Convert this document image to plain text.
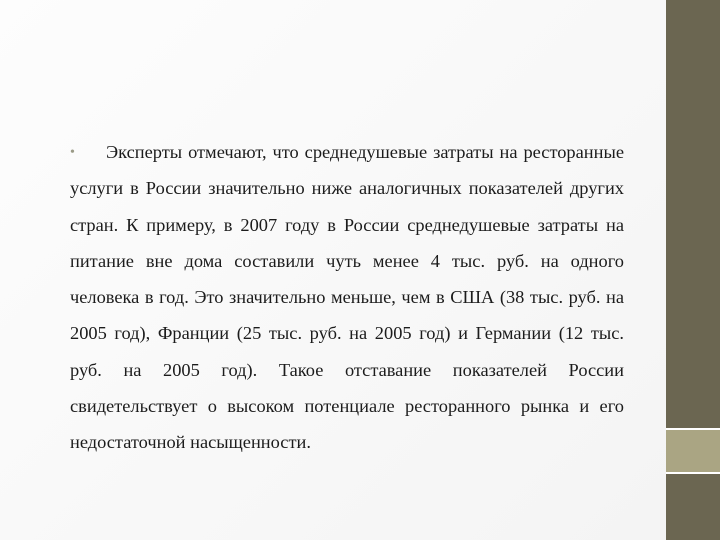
•	Эксперты отмечают, что среднедушевые затраты на ресторанные услуги в России значительно ниже аналогичных показателей других стран. К примеру, в 2007 году в России среднедушевые затраты на питание вне дома составили чуть менее 4 тыс. руб. на одного человека в год. Это значительно меньше, чем в США (38 тыс. руб. на 2005 год), Франции (25 тыс. руб. на 2005 год) и Германии (12 тыс. руб. на 2005 год). Такое отставание показателей России свидетельствует о высоком потенциале ресторанного рынка и его недостаточной насыщенности.
